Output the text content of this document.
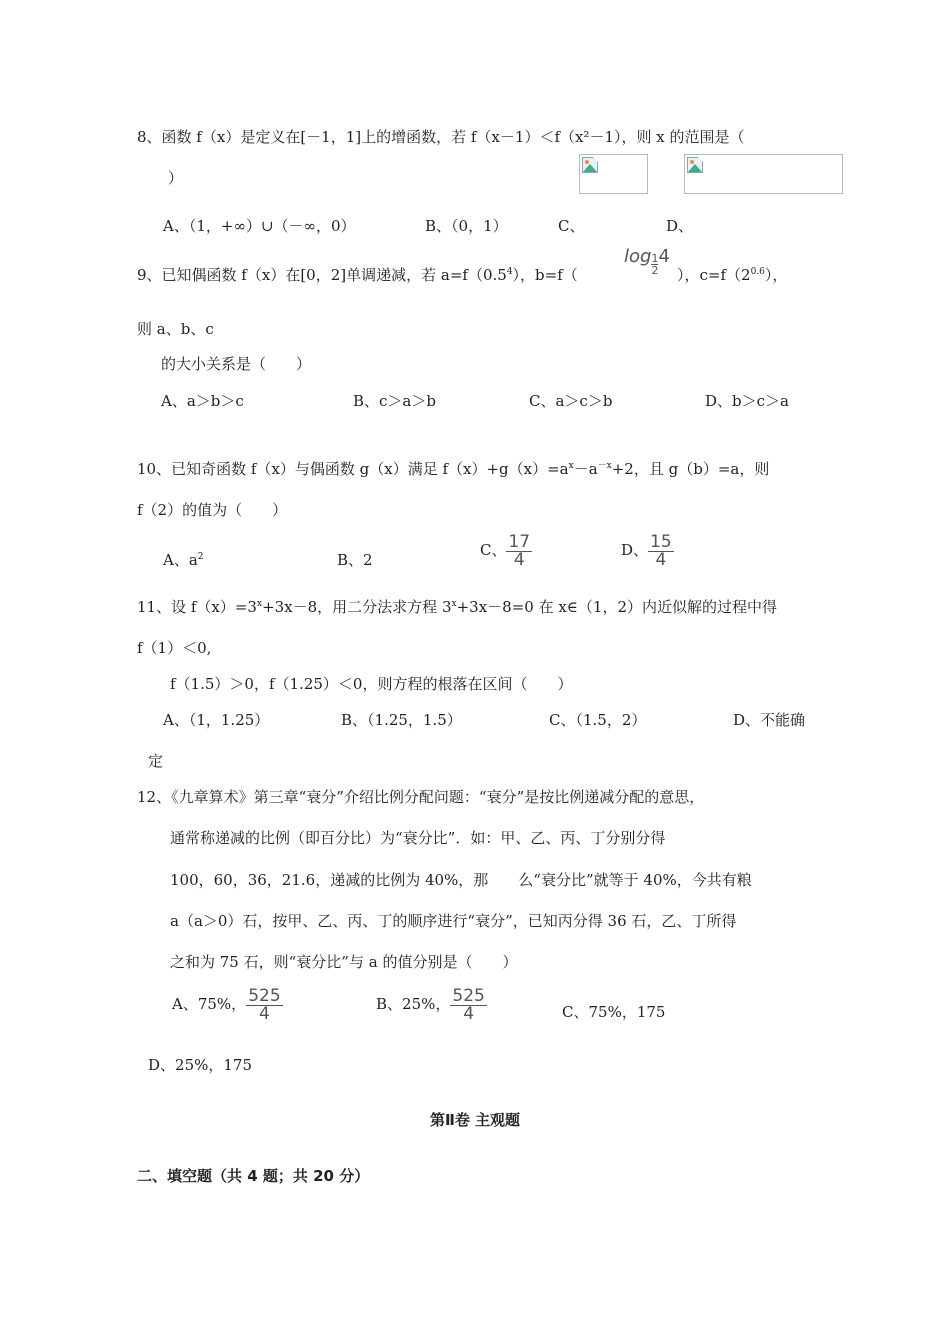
8、函数 f（x）是定义在[－1，1]上的增函数，若 f（x－1）＜f（x²－1），则 x 的范围是（
）
A、（1，+∞）∪（－∞，0）	B、（0，1）	C、	D、
9、已知偶函数 f（x）在[0，2]单调递减，若 $a=f(0.5^4)$，b=f（
$\log \frac{1}{2} 4$
），$c=f(2^{0.6})$，
则 a、b、c
的大小关系是（　　）
A、a＞b＞c	B、c＞a＞b	C、a＞c＞b	D、b＞c＞a
10、已知奇函数 f（x）与偶函数 g（x）满足 $f(x)+g(x)=a^x-a^{-x}+2$，且 g（b）=a，则
f（2）的值为（　　）
A、$a^2$	B、2
C、 $\frac{17}{4}$	D、 $\frac{15}{4}$
11、设 $f(x)=3^x+3x-8$，用二分法求方程 $3^x+3x-8=0$ 在 x∈（1，2）内近似解的过程中得
f（1）＜0,
f（1.5）＞0，f（1.25）＜0，则方程的根落在区间（　　）
A、（1，1.25）	B、（1.25，1.5）	C、（1.5，2）	D、不能确
定
12、《九章算术》第三章“衰分”介绍比例分配问题：“衰分”是按比例递减分配的意思，
通常称递减的比例（即百分比）为“衰分比”．如：甲、乙、丙、丁分别分得
100，60，36，21.6，递减的比例为 40%，那　　么“衰分比”就等于 40%，今共有粮
a（a＞0）石，按甲、乙、丙、丁的顺序进行“衰分”，已知丙分得 36 石，乙、丁所得
之和为 75 石，则“衰分比”与 a 的值分别是（　　）
A、75%， $\frac{525}{4}$	B、25%， $\frac{525}{4}$	C、75%，175
D、25%，175
第Ⅱ卷 主观题
二、填空题（共 4 题；共 20 分）
